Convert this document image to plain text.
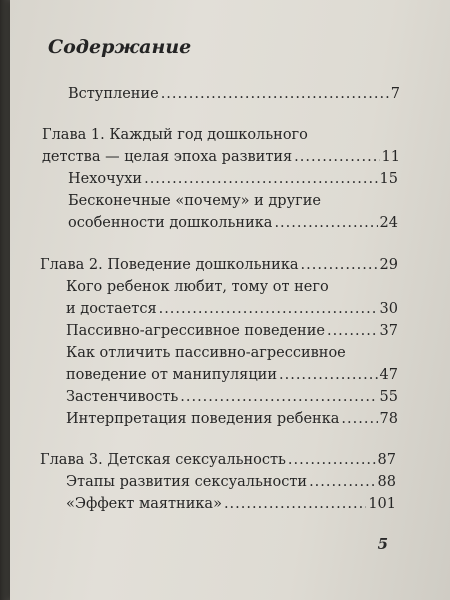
Содержание
Вступление .....	7
Глава 1. Каждый год дошкольного
детства — целая эпоха развития .....	11
Нехочухи .....	15
Бесконечные «почему» и другие
особенности дошкольника .....	24
Глава 2. Поведение дошкольника .....	29
Кого ребенок любит, тому от него
и достается .....	30
Пассивно-агрессивное поведение .....	37
Как отличить пассивно-агрессивное
поведение от манипуляции .....	47
Застенчивость .....	55
Интерпретация поведения ребенка .....	78
Глава 3. Детская сексуальность .....	87
Этапы развития сексуальности .....	88
«Эффект маятника» .....	101
5
